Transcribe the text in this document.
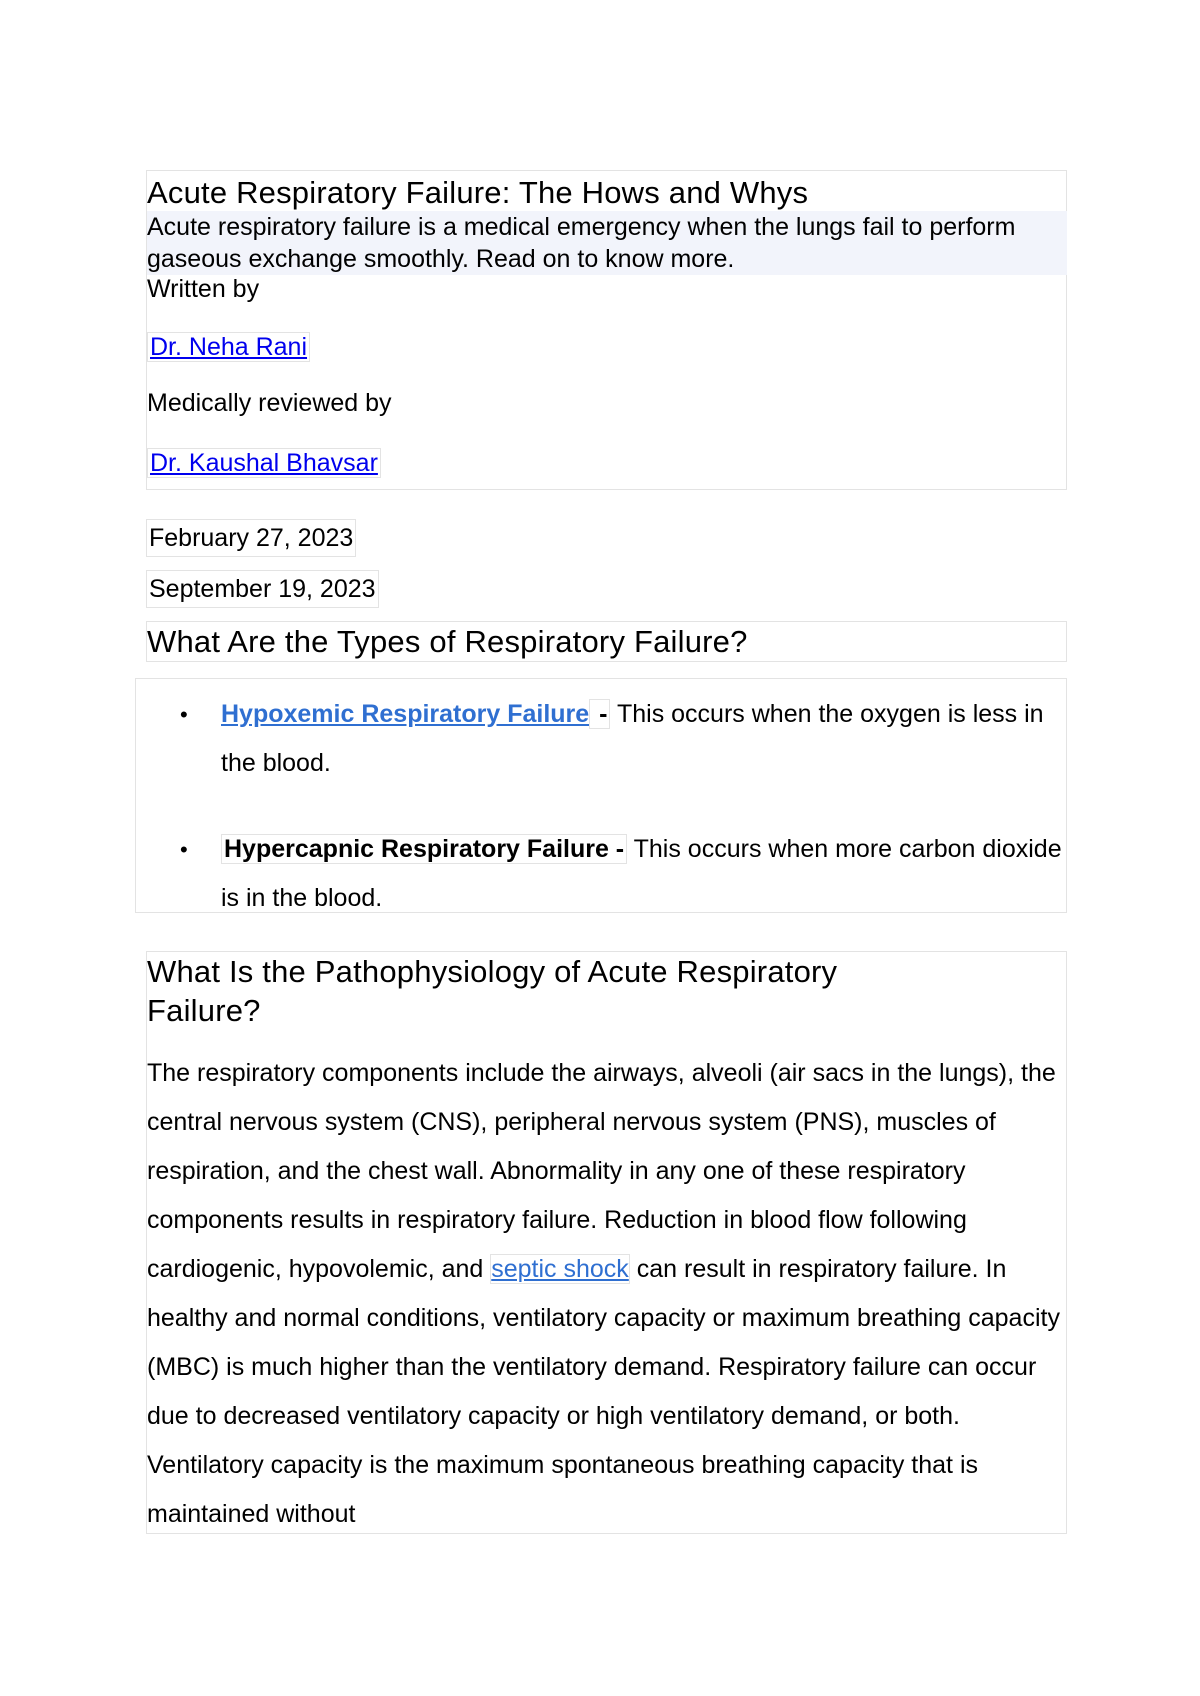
Acute Respiratory Failure: The Hows and Whys
Acute respiratory failure is a medical emergency when the lungs fail to perform gaseous exchange smoothly. Read on to know more.
Written by
Dr. Neha Rani
Medically reviewed by
Dr. Kaushal Bhavsar
February 27, 2023
September 19, 2023
What Are the Types of Respiratory Failure?
• Hypoxemic Respiratory Failure - This occurs when the oxygen is less in the blood.
• Hypercapnic Respiratory Failure - This occurs when more carbon dioxide is in the blood.
What Is the Pathophysiology of Acute Respiratory Failure?

The respiratory components include the airways, alveoli (air sacs in the lungs), the central nervous system (CNS), peripheral nervous system (PNS), muscles of respiration, and the chest wall. Abnormality in any one of these respiratory components results in respiratory failure. Reduction in blood flow following cardiogenic, hypovolemic, and septic shock can result in respiratory failure. In healthy and normal conditions, ventilatory capacity or maximum breathing capacity (MBC) is much higher than the ventilatory demand. Respiratory failure can occur due to decreased ventilatory capacity or high ventilatory demand, or both. Ventilatory capacity is the maximum spontaneous breathing capacity that is maintained without
